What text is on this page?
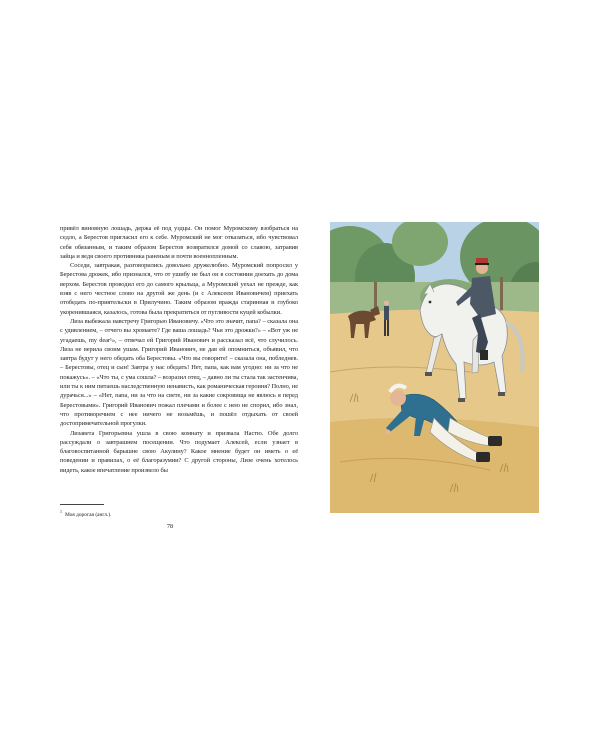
привёл виновную лошадь, держа её под уздцы. Он помог Муромскому взобраться на седло, а Берестов пригласил его к себе. Муромский не мог отказаться, ибо чувствовал себя обязанным, и таким образом Берестов возвратился домой со славою, затравив зайца и ведя своего противника раненым и почти военнопленным.

Соседи, завтракая, разговорились довольно дружелюбно. Муромский попросил у Берестова дрожек, ибо признался, что от ушибу не был он в состоянии доехать до дома верхом. Берестов проводил его до самого крыльца, а Муромский уехал не прежде, как взяв с него честное слово на другой же день (и с Алексеем Ивановичем) приехать отобедать по-приятельски в Прилучино. Таким образом вражда старинная и глубоко укоренившаяся, казалось, готова была прекратиться от пугливости куцей кобылки.

Лиза выбежала навстречу Григорью Ивановичу. «Что это значит, папа? – сказала она с удивлением, – отчего вы хромаете? Где ваша лошадь? Чьи это дрожки?» – «Вот уж не угадаешь, my dear¹», – отвечал ей Григорий Иванович и рассказал всё, что случилось. Лиза не верила своим ушам. Григорий Иванович, не дав ей опомниться, объявил, что завтра будут у него обедать оба Берестовы. «Что вы говорите! – сказала она, побледнев. – Берестовы, отец и сын! Завтра у нас обедать! Нет, папа, как вам угодно: ни за что не покажусь». – «Что ты, с ума сошла? – возразил отец, – давно ли ты стала так застенчива, или ты к ним питаешь наследственную ненависть, как романическая героиня? Полно, не дурачься...» – «Нет, папа, ни за что на свете, ни за какие сокровища не явлюсь я перед Берестовыми». Григорий Иванович пожал плечами и более с нею не спорил, ибо знал, что противоречием с нее ничего не возьмёшь, и пошёл отдыхать от своей достопримечательной прогулки.

Лизавета Григорьевна ушла в свою комнату и призвала Настю. Обе долго рассуждали о завтрашнем посещении. Что подумает Алексей, если узнает в благовоспитанной барышне свою Акулину? Какое мнение будет он иметь о её поведении и правилах, о её благоразумии? С другой стороны, Лизе очень хотелось видеть, какое впечатление произвело бы

$^1$Моя дорогая (англ.).
78
